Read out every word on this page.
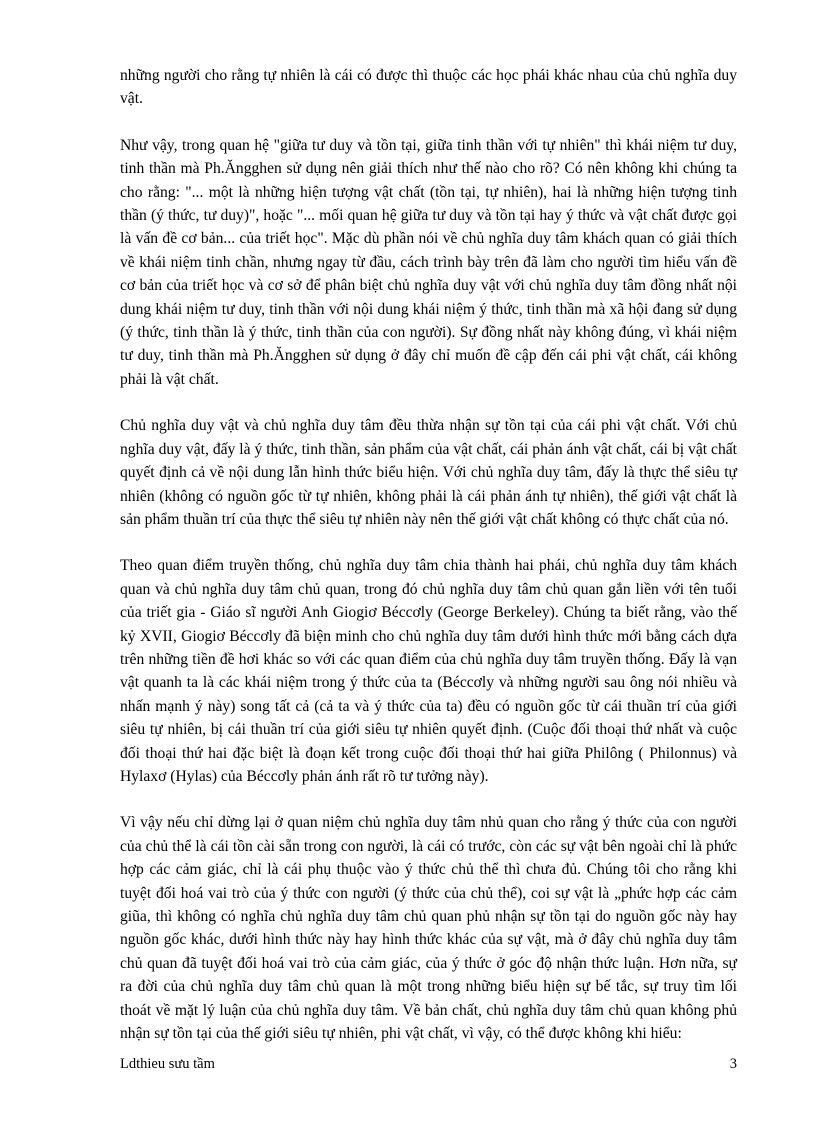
những người cho rằng tự nhiên là cái có được thì thuộc các học phái khác nhau của chủ nghĩa duy vật.

Như vậy, trong quan hệ "giữa tư duy và tồn tại, giữa tinh thần với tự nhiên" thì khái niệm tư duy, tinh thần mà Ph.Ăngghen sử dụng nên giải thích như thế nào cho rõ? Có nên không khi chúng ta cho rằng: "... một là những hiện tượng vật chất (tồn tại, tự nhiên), hai là những hiện tượng tinh thần (ý thức, tư duy)", hoặc "... mối quan hệ giữa tư duy và tồn tại hay ý thức và vật chất được gọi là vấn đề cơ bản... của triết học". Mặc dù phần nói về chủ nghĩa duy tâm khách quan có giải thích về khái niệm tinh chần, nhưng ngay từ đầu, cách trình bày trên đã làm cho người tìm hiểu vấn đề cơ bản của triết học và cơ sở để phân biệt chủ nghĩa duy vật với chủ nghĩa duy tâm đồng nhất nội dung khái niệm tư duy, tinh thần với nội dung khái niệm ý thức, tinh thần mà xã hội đang sử dụng (ý thức, tinh thần là ý thức, tinh thần của con người). Sự đồng nhất này không đúng, vì khái niệm tư duy, tinh thần mà Ph.Ăngghen sử dụng ở đây chỉ muốn đề cập đến cái phi vật chất, cái không phải là vật chất.

Chủ nghĩa duy vật và chủ nghĩa duy tâm đều thừa nhận sự tồn tại của cái phi vật chất. Với chủ nghĩa duy vật, đấy là ý thức, tinh thần, sản phẩm của vật chất, cái phản ánh vật chất, cái bị vật chất quyết định cả về nội dung lẫn hình thức biểu hiện. Với chủ nghĩa duy tâm, đấy là thực thể siêu tự nhiên (không có nguồn gốc từ tự nhiên, không phải là cái phản ánh tự nhiên), thế giới vật chất là sản phẩm thuần trí của thực thể siêu tự nhiên này nên thế giới vật chất không có thực chất của nó.

Theo quan điểm truyền thống, chủ nghĩa duy tâm chia thành hai phái, chủ nghĩa duy tâm khách quan và chủ nghĩa duy tâm chủ quan, trong đó chủ nghĩa duy tâm chủ quan gắn liền với tên tuổi của triết gia - Giáo sĩ người Anh Giogiơ Béccơly (George Berkeley). Chúng ta biết rằng, vào thế kỷ XVII, Giogiơ Béccơly đã biện minh cho chủ nghĩa duy tâm dưới hình thức mới bằng cách dựa trên những tiền đề hơi khác so với các quan điểm của chủ nghĩa duy tâm truyền thống. Đấy là vạn vật quanh ta là các khái niệm trong ý thức của ta (Béccơly và những người sau ông nói nhiều và nhấn mạnh ý này) song tất cả (cả ta và ý thức của ta) đều có nguồn gốc từ cái thuần trí của giới siêu tự nhiên, bị cái thuần trí của giới siêu tự nhiên quyết định. (Cuộc đối thoại thứ nhất và cuộc đối thoại thứ hai đặc biệt là đoạn kết trong cuộc đối thoại thứ hai giữa Philông ( Philonnus) và Hylaxơ (Hylas) của Béccơly phản ánh rất rõ tư tưởng này).

Vì vậy nếu chỉ dừng lại ở quan niệm chủ nghĩa duy tâm nhủ quan cho rằng ý thức của con người của chủ thể là cái tồn cài sẵn trong con người, là cái có trước, còn các sự vật bên ngoài chỉ là phức hợp các cảm giác, chỉ là cái phụ thuộc vào ý thức chủ thể thì chưa đủ. Chúng tôi cho rằng khi tuyệt đối hoá vai trò của ý thức con người (ý thức của chủ thể), coi sự vật là „phức hợp các cảm giũa, thì không có nghĩa chủ nghĩa duy tâm chủ quan phủ nhận sự tồn tại do nguồn gốc này hay nguồn gốc khác, dưới hình thức này hay hình thức khác của sự vật, mà ở đây chủ nghĩa duy tâm chủ quan đã tuyệt đối hoá vai trò của cảm giác, của ý thức ở góc độ nhận thức luận. Hơn nữa, sự ra đời của chủ nghĩa duy tâm chủ quan là một trong những biểu hiện sự bế tắc, sự truy tìm lối thoát về mặt lý luận của chủ nghĩa duy tâm. Về bản chất, chủ nghĩa duy tâm chủ quan không phủ nhận sự tồn tại của thế giới siêu tự nhiên, phi vật chất, vì vậy, có thể được không khi hiểu:

Ldthieu sưu tầm	3
